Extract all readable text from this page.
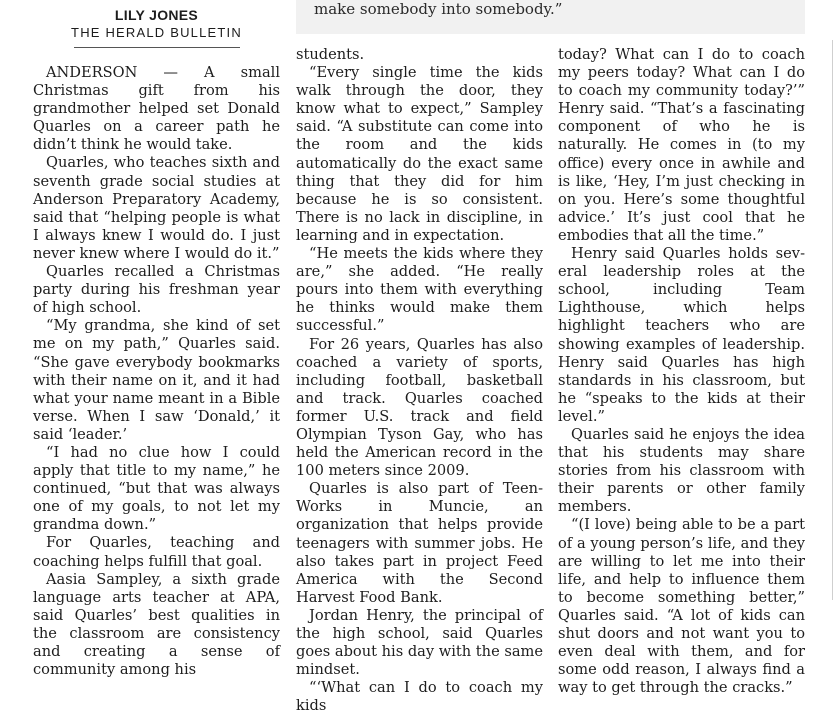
make somebody into somebody.”
LILY JONES
THE HERALD BULLETIN

ANDERSON — A small Christmas gift from his grandmother helped set Donald Quarles on a career path he didn’t think he would take.

Quarles, who teaches sixth and seventh grade social studies at Anderson Preparatory Academy, said that “helping people is what I always knew I would do. I just never knew where I would do it.”

Quarles recalled a Christmas party during his freshman year of high school.

“My grandma, she kind of set me on my path,” Quarles said. “She gave everybody bookmarks with their name on it, and it had what your name meant in a Bible verse. When I saw ‘Donald,’ it said ‘leader.’

“I had no clue how I could apply that title to my name,” he continued, “but that was always one of my goals, to not let my grandma down.”

For Quarles, teaching and coaching helps fulfill that goal.

Aasia Sampley, a sixth grade language arts teacher at APA, said Quarles’ best qualities in the classroom are consistency and creating a sense of community among his

students.

“Every single time the kids walk through the door, they know what to expect,” Sampley said. “A substitute can come into the room and the kids automatically do the exact same thing that they did for him because he is so consistent. There is no lack in discipline, in learning and in expectation.

“He meets the kids where they are,” she added. “He really pours into them with everything he thinks would make them successful.”

For 26 years, Quarles has also coached a variety of sports, including football, basketball and track. Quarles coached former U.S. track and field Olympian Tyson Gay, who has held the American record in the 100 meters since 2009.

Quarles is also part of TeenWorks in Muncie, an organization that helps provide teenagers with summer jobs. He also takes part in project Feed America with the Second Harvest Food Bank.

Jordan Henry, the principal of the high school, said Quarles goes about his day with the same mindset.

“‘What can I do to coach my kids

today? What can I do to coach my peers today? What can I do to coach my community today?’” Henry said. “That’s a fascinating component of who he is naturally. He comes in (to my office) every once in awhile and is like, ‘Hey, I’m just checking in on you. Here’s some thoughtful advice.’ It’s just cool that he embodies that all the time.”

Henry said Quarles holds several leadership roles at the school, including Team Lighthouse, which helps highlight teachers who are showing examples of leadership. Henry said Quarles has high standards in his classroom, but he “speaks to the kids at their level.”

Quarles said he enjoys the idea that his students may share stories from his classroom with their parents or other family members.

“(I love) being able to be a part of a young person’s life, and they are willing to let me into their life, and help to influence them to become something better,” Quarles said. “A lot of kids can shut doors and not want you to even deal with them, and for some odd reason, I always find a way to get through the cracks.”
